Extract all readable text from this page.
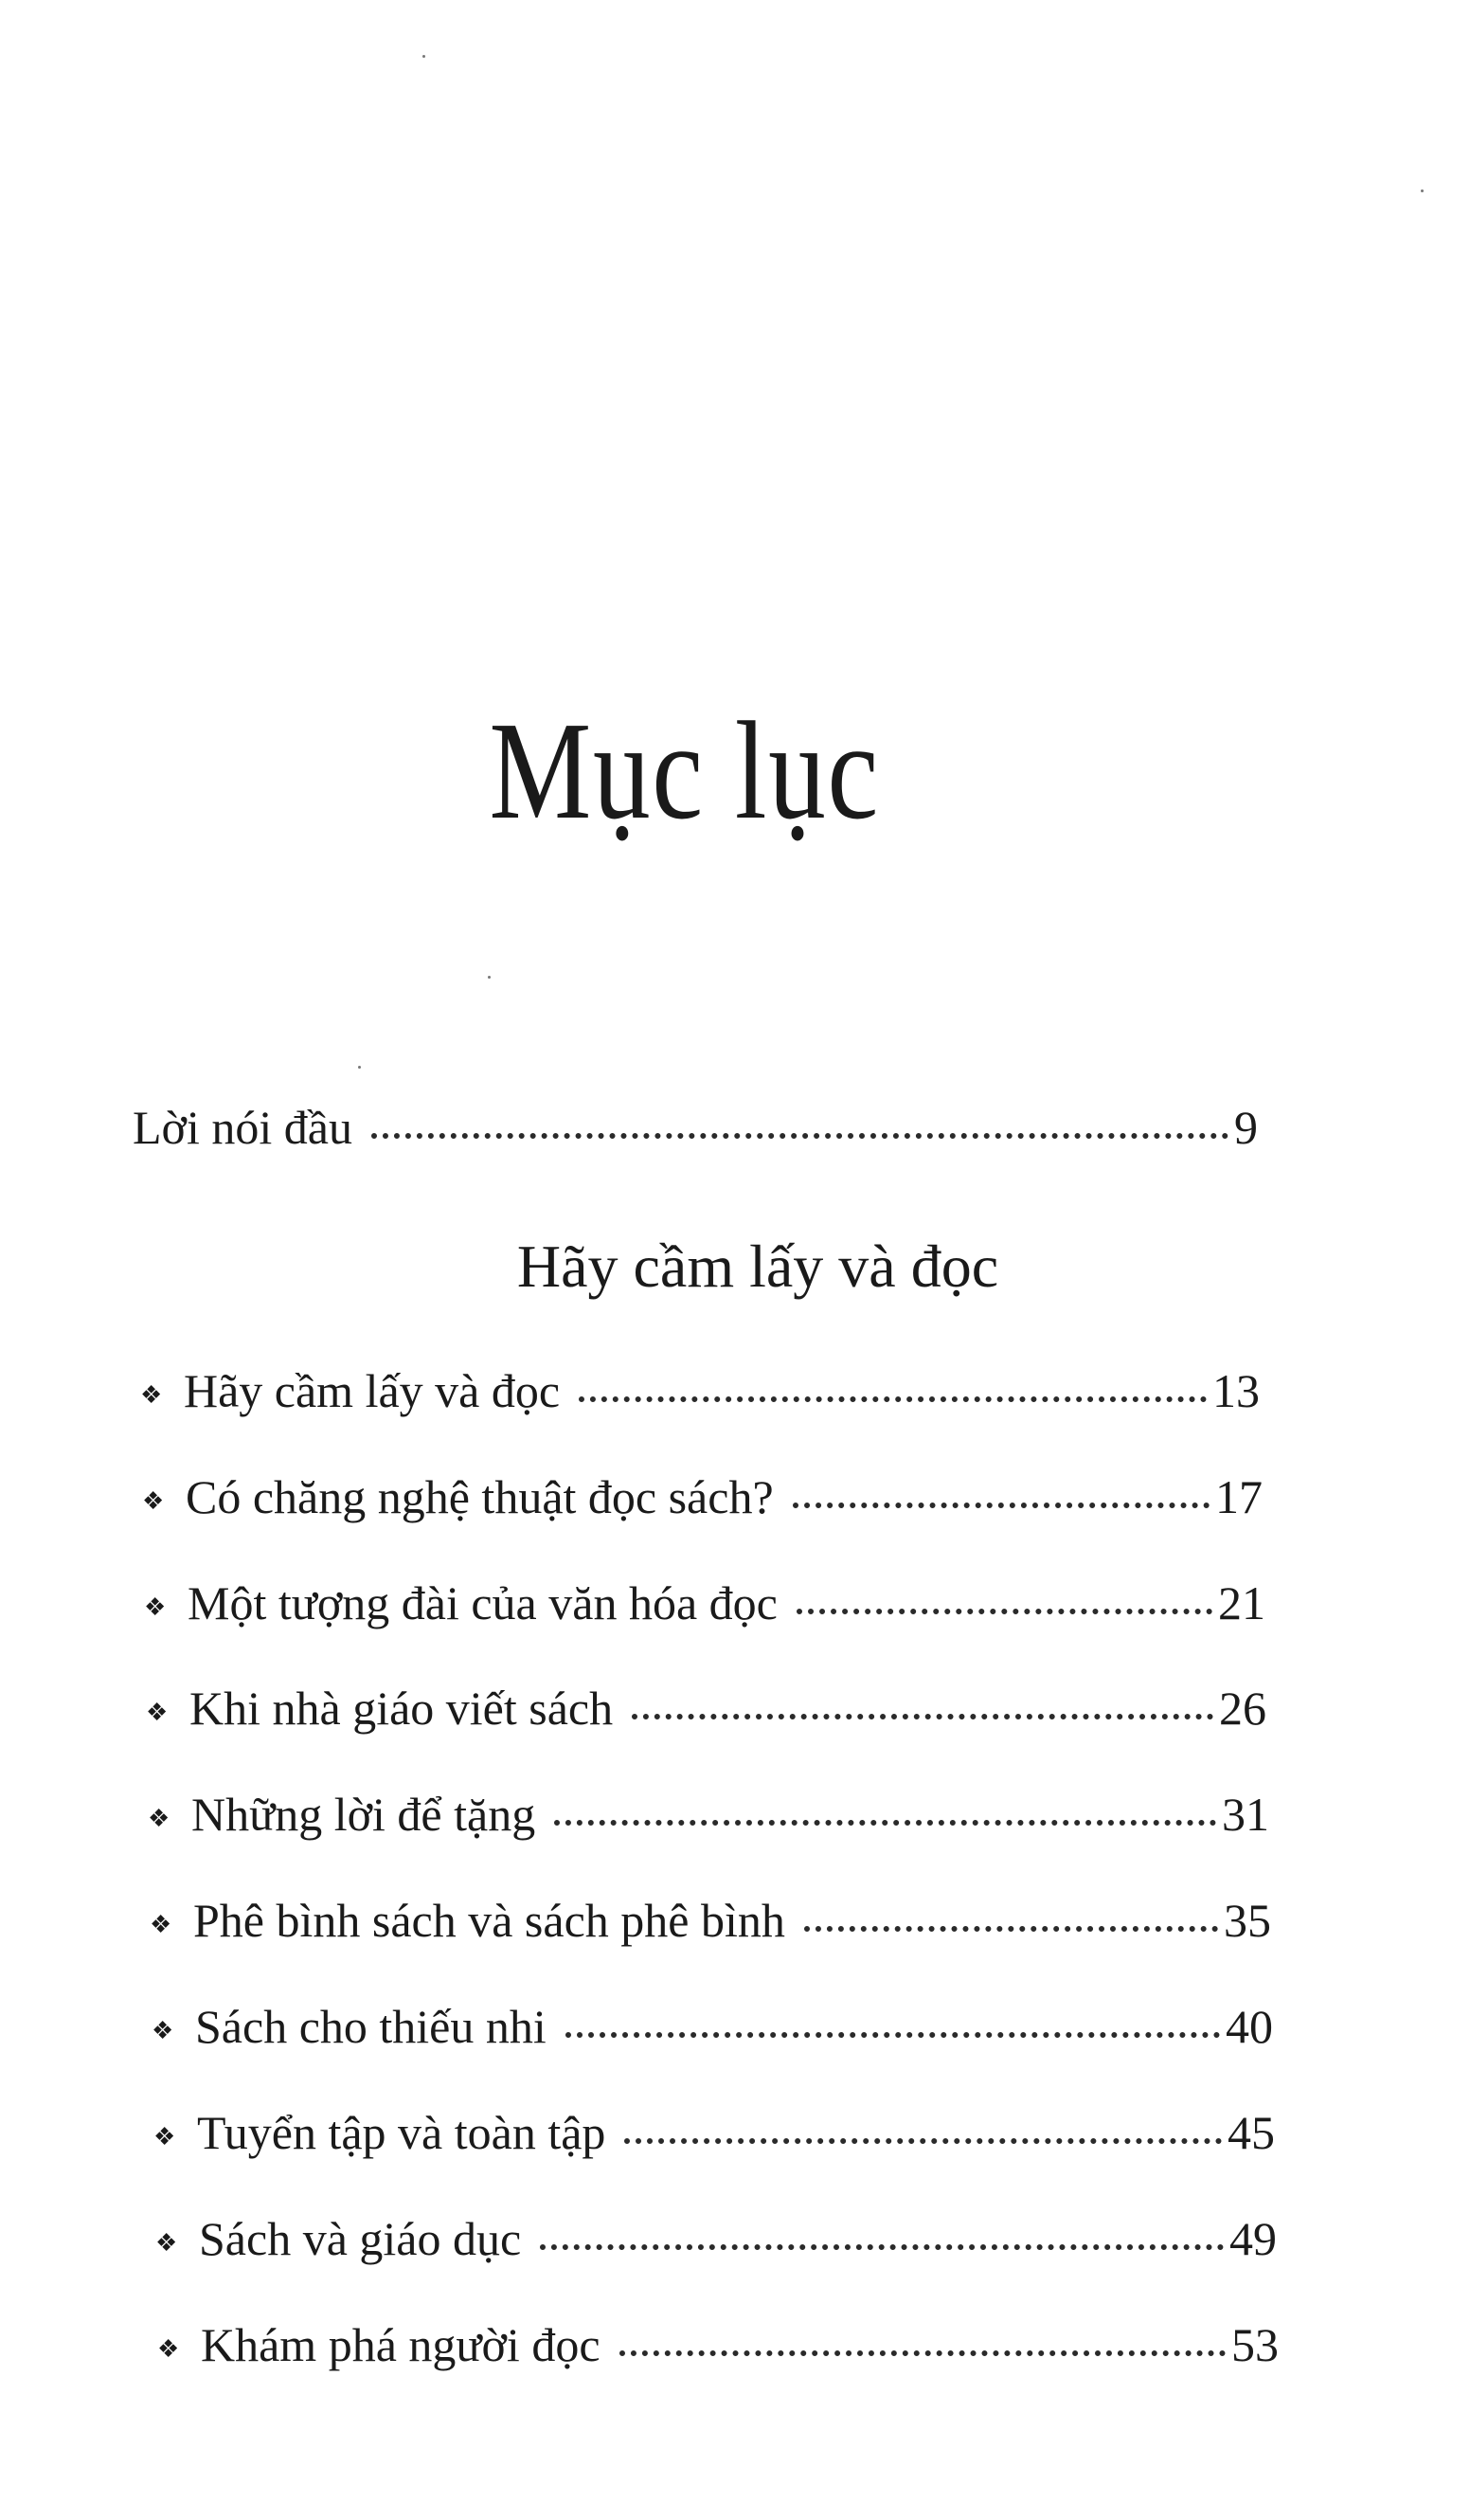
Mục lục
Lời nói đầu	9
Hãy cầm lấy và đọc
❖ Hãy cầm lấy và đọc	13
❖ Có chăng nghệ thuật đọc sách?	17
❖ Một tượng đài của văn hóa đọc	21
❖ Khi nhà giáo viết sách	26
❖ Những lời để tặng	31
❖ Phê bình sách và sách phê bình	35
❖ Sách cho thiếu nhi	40
❖ Tuyển tập và toàn tập	45
❖ Sách và giáo dục	49
❖ Khám phá người đọc	53
